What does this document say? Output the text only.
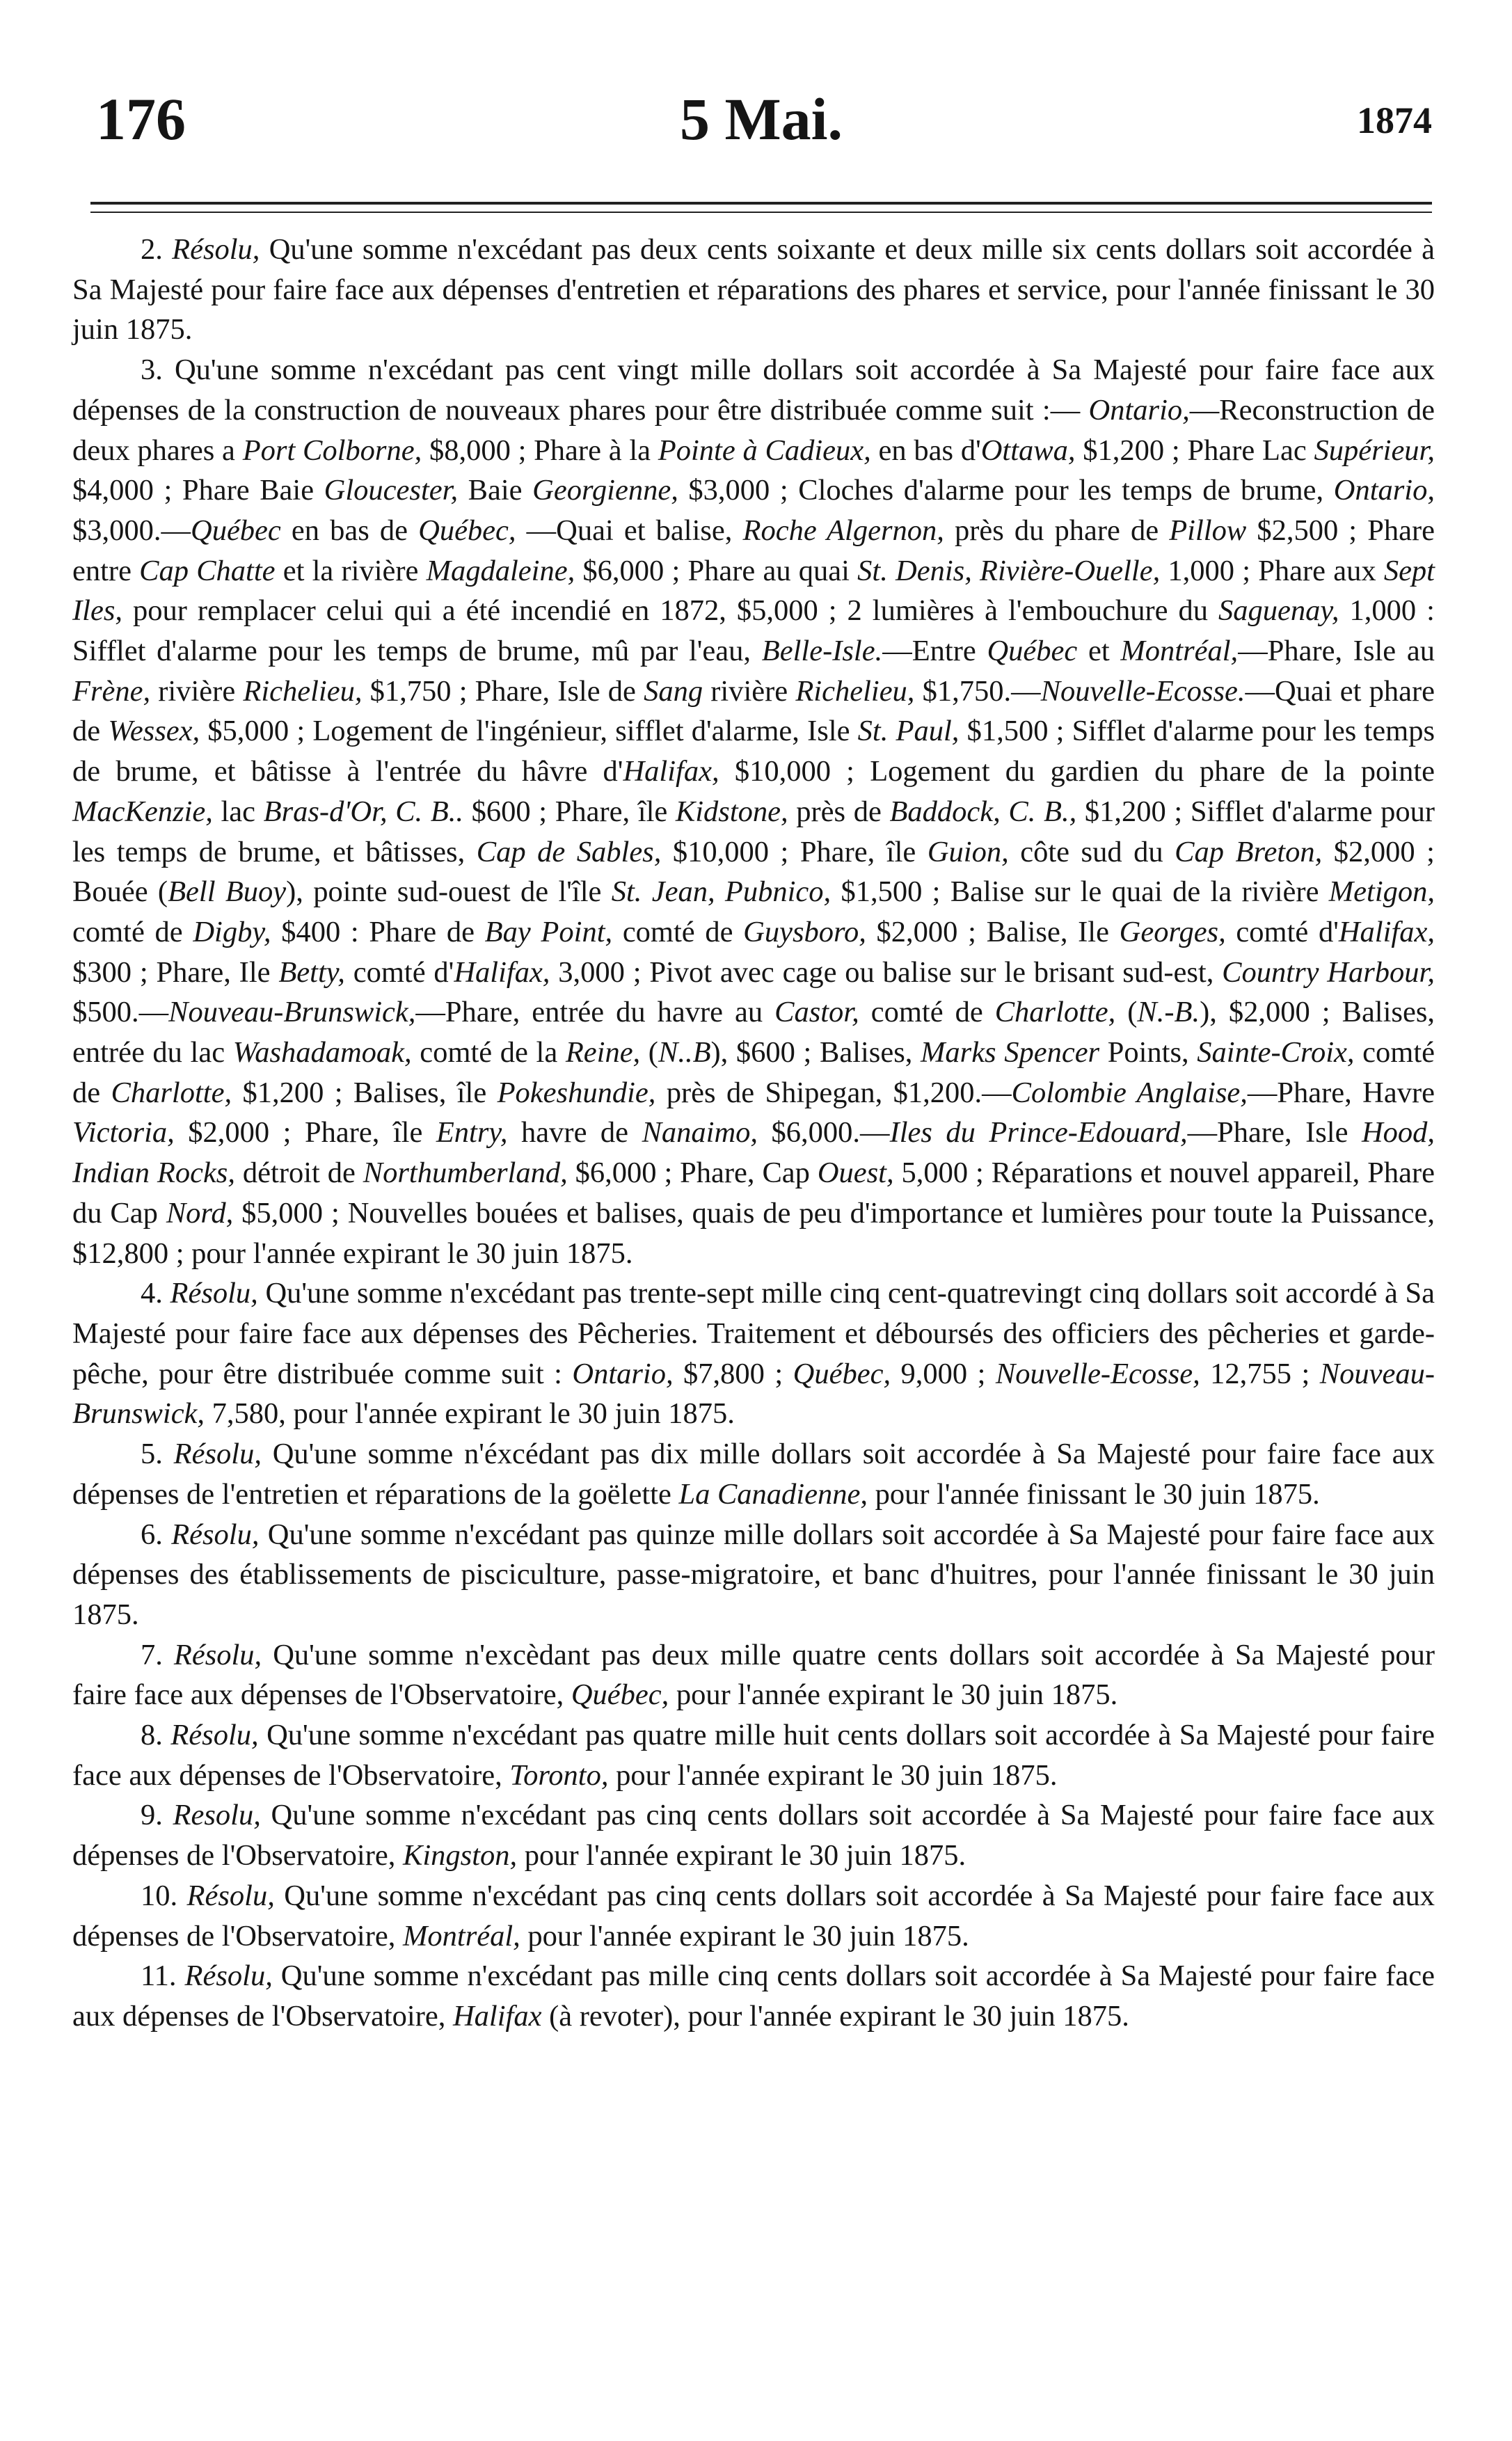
176	5 Mai.	1874

2. Résolu, Qu'une somme n'excédant pas deux cents soixante et deux mille six cents dollars soit accordée à Sa Majesté pour faire face aux dépenses d'entretien et réparations des phares et service, pour l'année finissant le 30 juin 1875.

3. Qu'une somme n'excédant pas cent vingt mille dollars soit accordée à Sa Majesté pour faire face aux dépenses de la construction de nouveaux phares pour être distribuée comme suit :— Ontario,—Reconstruction de deux phares a Port Colborne, $8,000 ; Phare à la Pointe à Cadieux, en bas d'Ottawa, $1,200 ; Phare Lac Supérieur, $4,000 ; Phare Baie Gloucester, Baie Georgienne, $3,000 ; Cloches d'alarme pour les temps de brume, Ontario, $3,000.—Québec en bas de Québec, —Quai et balise, Roche Algernon, près du phare de Pillow $2,500 ; Phare entre Cap Chatte et la rivière Magdaleine, $6,000 ; Phare au quai St. Denis, Rivière-Ouelle, 1,000 ; Phare aux Sept Iles, pour remplacer celui qui a été incendié en 1872, $5,000 ; 2 lumières à l'embouchure du Saguenay, 1,000 : Sifflet d'alarme pour les temps de brume, mû par l'eau, Belle-Isle.—Entre Québec et Montréal,—Phare, Isle au Frène, rivière Richelieu, $1,750 ; Phare, Isle de Sang rivière Richelieu, $1,750.—Nouvelle-Ecosse.—Quai et phare de Wessex, $5,000 ; Logement de l'ingénieur, sifflet d'alarme, Isle St. Paul, $1,500 ; Sifflet d'alarme pour les temps de brume, et bâtisse à l'entrée du hâvre d'Halifax, $10,000 ; Logement du gardien du phare de la pointe MacKenzie, lac Bras-d'Or, C. B.. $600 ; Phare, île Kidstone, près de Baddock, C. B., $1,200 ; Sifflet d'alarme pour les temps de brume, et bâtisses, Cap de Sables, $10,000 ; Phare, île Guion, côte sud du Cap Breton, $2,000 ; Bouée (Bell Buoy), pointe sud-ouest de l'île St. Jean, Pubnico, $1,500 ; Balise sur le quai de la rivière Metigon, comté de Digby, $400 : Phare de Bay Point, comté de Guysboro, $2,000 ; Balise, Ile Georges, comté d'Halifax, $300 ; Phare, Ile Betty, comté d'Halifax, 3,000 ; Pivot avec cage ou balise sur le brisant sud-est, Country Harbour, $500.—Nouveau-Brunswick,—Phare, entrée du havre au Castor, comté de Charlotte, (N.-B.), $2,000 ; Balises, entrée du lac Washadamoak, comté de la Reine, (N..B), $600 ; Balises, Marks Spencer Points, Sainte-Croix, comté de Charlotte, $1,200 ; Balises, île Pokeshundie, près de Shipegan, $1,200.—Colombie Anglaise,—Phare, Havre Victoria, $2,000 ; Phare, île Entry, havre de Nanaimo, $6,000.—Iles du Prince-Edouard,—Phare, Isle Hood, Indian Rocks, détroit de Northumberland, $6,000 ; Phare, Cap Ouest, 5,000 ; Réparations et nouvel appareil, Phare du Cap Nord, $5,000 ; Nouvelles bouées et balises, quais de peu d'importance et lumières pour toute la Puissance, $12,800 ; pour l'année expirant le 30 juin 1875.

4. Résolu, Qu'une somme n'excédant pas trente-sept mille cinq cent-quatrevingt cinq dollars soit accordé à Sa Majesté pour faire face aux dépenses des Pêcheries. Traitement et déboursés des officiers des pêcheries et garde-pêche, pour être distribuée comme suit : Ontario, $7,800 ; Québec, 9,000 ; Nouvelle-Ecosse, 12,755 ; Nouveau-Brunswick, 7,580, pour l'année expirant le 30 juin 1875.

5. Résolu, Qu'une somme n'éxcédant pas dix mille dollars soit accordée à Sa Majesté pour faire face aux dépenses de l'entretien et réparations de la goëlette La Canadienne, pour l'année finissant le 30 juin 1875.

6. Résolu, Qu'une somme n'excédant pas quinze mille dollars soit accordée à Sa Majesté pour faire face aux dépenses des établissements de pisciculture, passe-migratoire, et banc d'huitres, pour l'année finissant le 30 juin 1875.

7. Résolu, Qu'une somme n'excèdant pas deux mille quatre cents dollars soit accordée à Sa Majesté pour faire face aux dépenses de l'Observatoire, Québec, pour l'année expirant le 30 juin 1875.

8. Résolu, Qu'une somme n'excédant pas quatre mille huit cents dollars soit accordée à Sa Majesté pour faire face aux dépenses de l'Observatoire, Toronto, pour l'année expirant le 30 juin 1875.

9. Resolu, Qu'une somme n'excédant pas cinq cents dollars soit accordée à Sa Majesté pour faire face aux dépenses de l'Observatoire, Kingston, pour l'année expirant le 30 juin 1875.

10. Résolu, Qu'une somme n'excédant pas cinq cents dollars soit accordée à Sa Majesté pour faire face aux dépenses de l'Observatoire, Montréal, pour l'année expirant le 30 juin 1875.

11. Résolu, Qu'une somme n'excédant pas mille cinq cents dollars soit accordée à Sa Majesté pour faire face aux dépenses de l'Observatoire, Halifax (à revoter), pour l'année expirant le 30 juin 1875.
